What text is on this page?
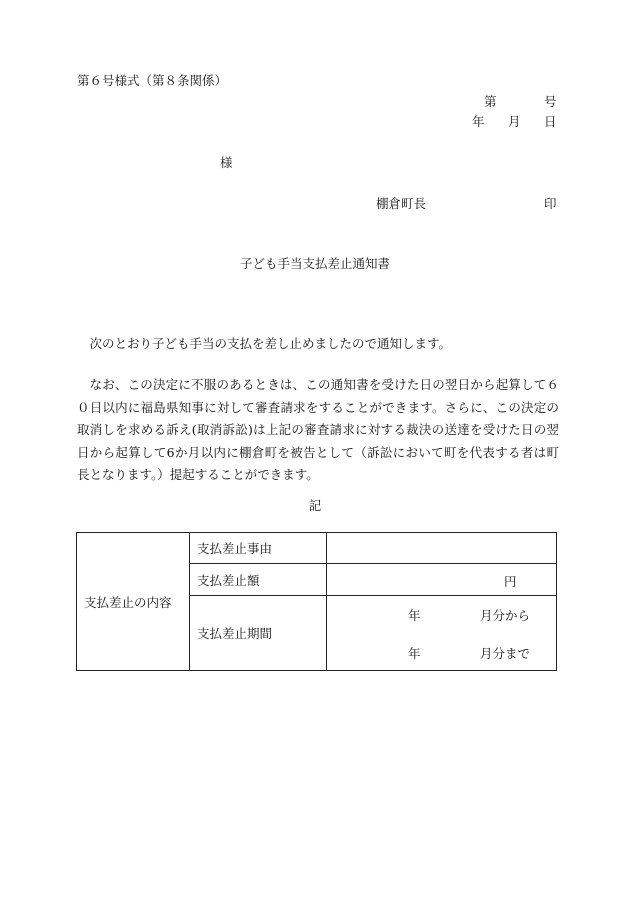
第６号様式（第８条関係）
第	号
年 月 日
様
棚倉町長	印
子ども手当支払差止通知書
次のとおり子ども手当の支払を差し止めましたので通知します。
なお、この決定に不服のあるときは、この通知書を受けた日の翌日から起算して６０日以内に福島県知事に対して審査請求をすることができます。さらに、この決定の取消しを求める訴え(取消訴訟)は上記の審査請求に対する裁決の送達を受けた日の翌日から起算して6か月以内に棚倉町を被告として（訴訟において町を代表する者は町長となります。）提起することができます。
記
支払差止の内容	支払差止事由	
	支払差止額	円

	支払差止期間	年 月分から
年 月分まで
